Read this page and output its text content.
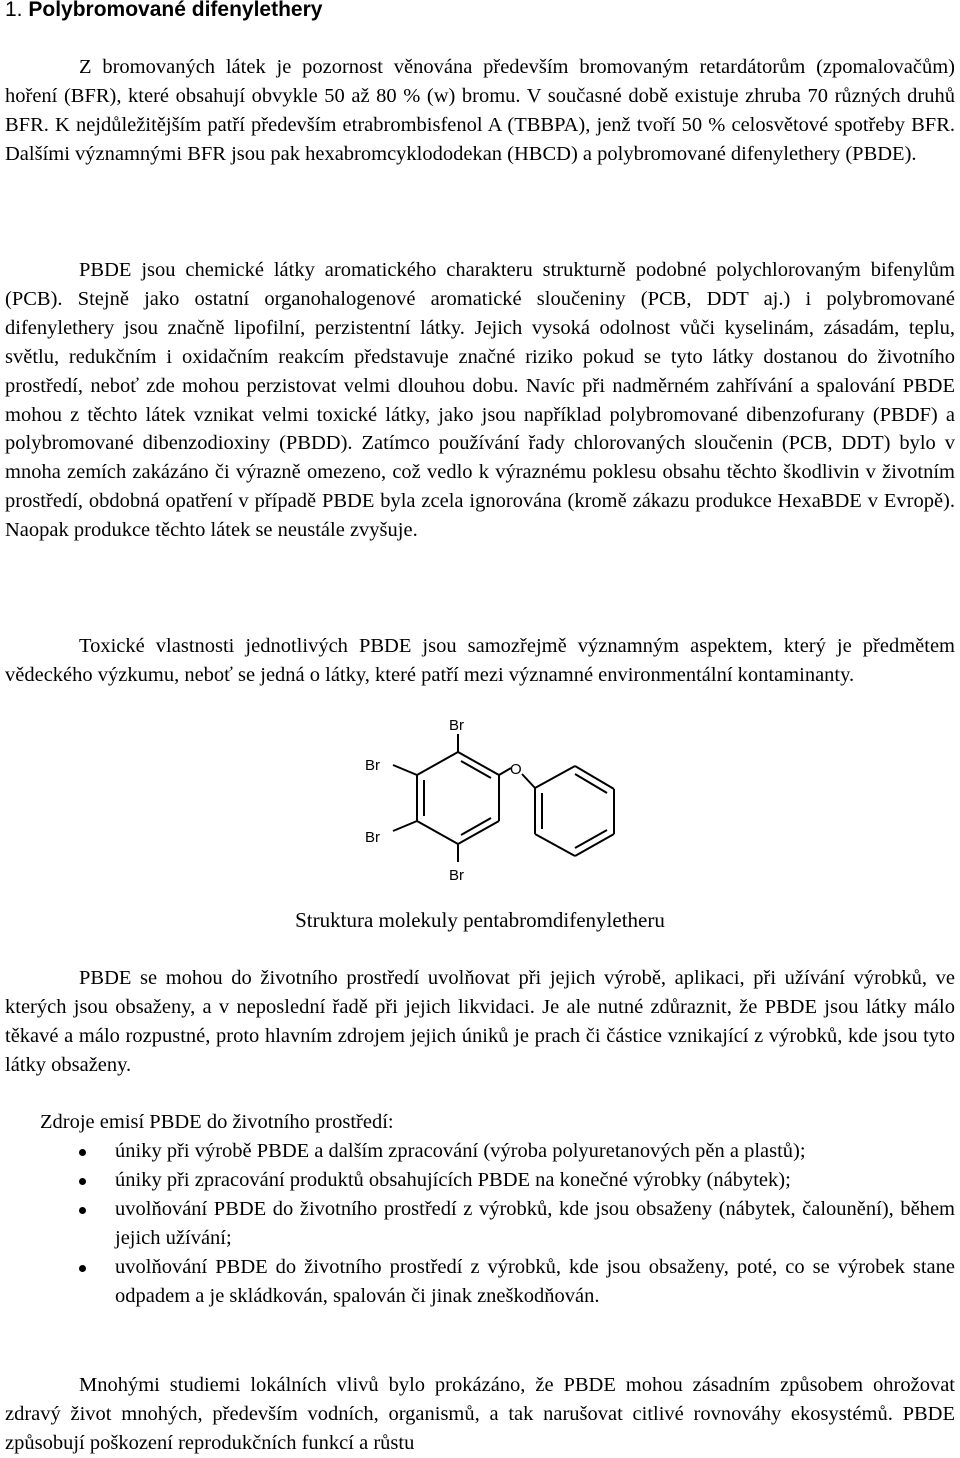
1. Polybromované difenylethery
Z bromovaných látek je pozornost věnována především bromovaným retardátorům (zpomalovačům) hoření (BFR), které obsahují obvykle 50 až 80 % (w) bromu. V současné době existuje zhruba 70 různých druhů BFR. K nejdůležitějším patří především etrabrombisfenol A (TBBPA), jenž tvoří 50 % celosvětové spotřeby BFR. Dalšími významnými BFR jsou pak hexabromcyklododekan (HBCD) a polybromované difenylethery (PBDE).
PBDE jsou chemické látky aromatického charakteru strukturně podobné polychlorovaným bifenylům (PCB). Stejně jako ostatní organohalogenové aromatické sloučeniny (PCB, DDT aj.) i polybromované difenylethery jsou značně lipofilní, perzistentní látky. Jejich vysoká odolnost vůči kyselinám, zásadám, teplu, světlu, redukčním i oxidačním reakcím představuje značné riziko pokud se tyto látky dostanou do životního prostředí, neboť zde mohou perzistovat velmi dlouhou dobu. Navíc při nadměrném zahřívání a spalování PBDE mohou z těchto látek vznikat velmi toxické látky, jako jsou například polybromované dibenzofurany (PBDF) a polybromované dibenzodioxiny (PBDD). Zatímco používání řady chlorovaných sloučenin (PCB, DDT) bylo v mnoha zemích zakázáno či výrazně omezeno, což vedlo k výraznému poklesu obsahu těchto škodlivin v životním prostředí, obdobná opatření v případě PBDE byla zcela ignorována (kromě zákazu produkce HexaBDE v Evropě). Naopak produkce těchto látek se neustále zvyšuje.
Toxické vlastnosti jednotlivých PBDE jsou samozřejmě významným aspektem, který je předmětem vědeckého výzkumu, neboť se jedná o látky, které patří mezi významné environmentální kontaminanty.
Br
Br
Br
Br
O
Struktura molekuly pentabromdifenyletheru
PBDE se mohou do životního prostředí uvolňovat při jejich výrobě, aplikaci, při užívání výrobků, ve kterých jsou obsaženy, a v neposlední řadě při jejich likvidaci. Je ale nutné zdůraznit, že PBDE jsou látky málo těkavé a málo rozpustné, proto hlavním zdrojem jejich úniků je prach či částice vznikající z výrobků, kde jsou tyto látky obsaženy.
Zdroje emisí PBDE do životního prostředí:
úniky při výrobě PBDE a dalším zpracování (výroba polyuretanových pěn a plastů);
úniky při zpracování produktů obsahujících PBDE na konečné výrobky (nábytek);
uvolňování PBDE do životního prostředí z výrobků, kde jsou obsaženy (nábytek, čalounění), během jejich užívání;
uvolňování PBDE do životního prostředí z výrobků, kde jsou obsaženy, poté, co se výrobek stane odpadem a je skládkován, spalován či jinak zneškodňován.
Mnohými studiemi lokálních vlivů bylo prokázáno, že PBDE mohou zásadním způsobem ohrožovat zdravý život mnohých, především vodních, organismů, a tak narušovat citlivé rovnováhy ekosystémů. PBDE způsobují poškození reprodukčních funkcí a růstu
